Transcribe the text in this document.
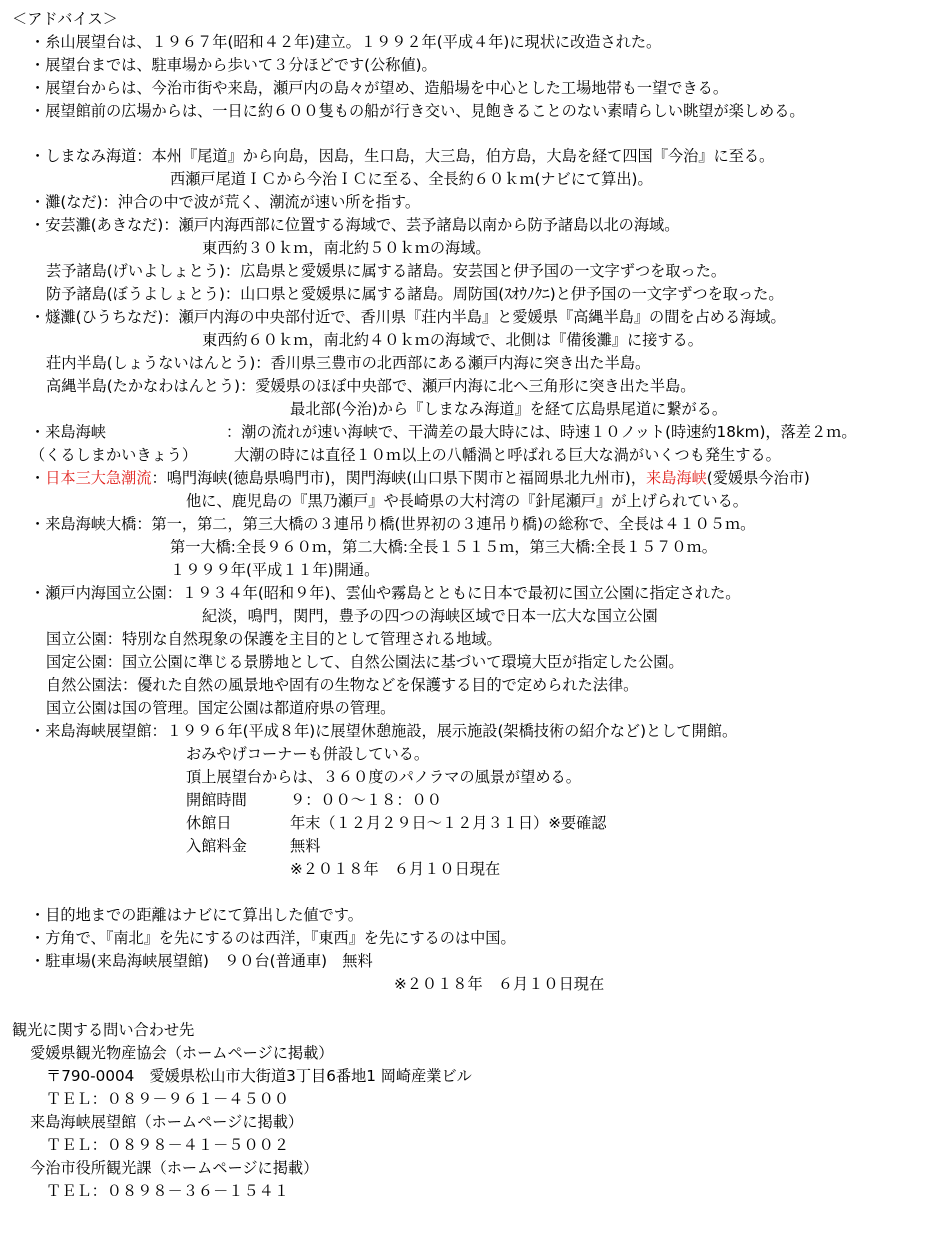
＜アドバイス＞
・糸山展望台は、１９６７年(昭和４２年)建立。１９９２年(平成４年)に現状に改造された。
・展望台までは、駐車場から歩いて３分ほどです(公称値)。
・展望台からは、今治市街や来島，瀬戸内の島々が望め、造船場を中心とした工場地帯も一望できる。
・展望館前の広場からは、一日に約６００隻もの船が行き交い、見飽きることのない素晴らしい眺望が楽しめる。
・しまなみ海道：本州『尾道』から向島，因島，生口島，大三島，伯方島，大島を経て四国『今治』に至る。
西瀬戸尾道ＩＣから今治ＩＣに至る、全長約６０ｋｍ(ナビにて算出)。
・灘(なだ)：沖合の中で波が荒く、潮流が速い所を指す。
・安芸灘(あきなだ)：瀬戸内海西部に位置する海域で、芸予諸島以南から防予諸島以北の海域。
東西約３０ｋｍ，南北約５０ｋｍの海域。
芸予諸島(げいよしょとう)：広島県と愛媛県に属する諸島。安芸国と伊予国の一文字ずつを取った。
防予諸島(ぼうよしょとう)：山口県と愛媛県に属する諸島。周防国(ｽｵｳﾉｸﾆ)と伊予国の一文字ずつを取った。
・燧灘(ひうちなだ)：瀬戸内海の中央部付近で、香川県『荘内半島』と愛媛県『高縄半島』の間を占める海域。
東西約６０ｋｍ，南北約４０ｋｍの海域で、北側は『備後灘』に接する。
荘内半島(しょうないはんとう)：香川県三豊市の北西部にある瀬戸内海に突き出た半島。
高縄半島(たかなわはんとう)：愛媛県のほぼ中央部で、瀬戸内海に北へ三角形に突き出た半島。
最北部(今治)から『しまなみ海道』を経て広島県尾道に繋がる。
・来島海峡	：潮の流れが速い海峡で、干満差の最大時には、時速１０ノット(時速約18km)，落差２ｍ。
（くるしまかいきょう） 大潮の時には直径１０ｍ以上の八幡渦と呼ばれる巨大な渦がいくつも発生する。
・ 日本三大急潮流 ：鳴門海峡(徳島県鳴門市)，関門海峡(山口県下関市と福岡県北九州市)， 来島海峡 (愛媛県今治市)
他に、鹿児島の『黒乃瀬戸』や長崎県の大村湾の『針尾瀬戸』が上げられている。
・来島海峡大橋：第一，第二，第三大橋の３連吊り橋(世界初の３連吊り橋)の総称で、全長は４１０５ｍ。
第一大橋:全長９６０ｍ，第二大橋:全長１５１５ｍ，第三大橋:全長１５７０ｍ。
１９９９年(平成１１年)開通。
・瀬戸内海国立公園：１９３４年(昭和９年)、雲仙や霧島とともに日本で最初に国立公園に指定された。
紀淡，鳴門，関門，豊予の四つの海峡区域で日本一広大な国立公園
国立公園：特別な自然現象の保護を主目的として管理される地域。
国定公園：国立公園に準じる景勝地として、自然公園法に基づいて環境大臣が指定した公園。
自然公園法：優れた自然の風景地や固有の生物などを保護する目的で定められた法律。
国立公園は国の管理。国定公園は都道府県の管理。
・来島海峡展望館：１９９６年(平成８年)に展望休憩施設，展示施設(架橋技術の紹介など)として開館。
おみやげコーナーも併設している。
頂上展望台からは、３６０度のパノラマの風景が望める。
開館時間	９：００～１８：００
休館日	年末（１２月２９日～１２月３１日）※要確認
入館料金	無料
※２０１８年　６月１０日現在
・目的地までの距離はナビにて算出した値です。
・方角で、『南北』を先にするのは西洋，『東西』を先にするのは中国。
・駐車場(来島海峡展望館)　９０台(普通車)　無料
※２０１８年　６月１０日現在
観光に関する問い合わせ先
愛媛県観光物産協会（ホームページに掲載）
〒790-0004　愛媛県松山市大街道3丁目6番地1 岡崎産業ビル
ＴＥＬ：０８９－９６１－４５００
来島海峡展望館（ホームページに掲載）
ＴＥＬ：０８９８－４１－５００２
今治市役所観光課（ホームページに掲載）
ＴＥＬ：０８９８－３６－１５４１
